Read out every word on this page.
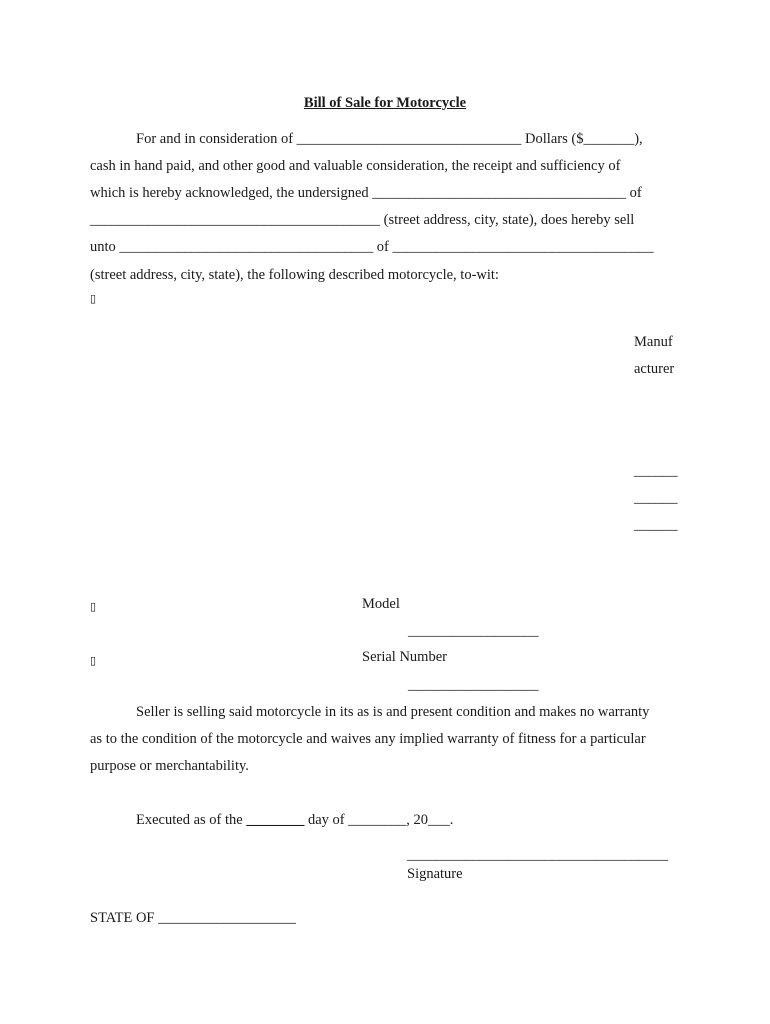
Bill of Sale for Motorcycle
For and in consideration of _______________________________ Dollars ($_______),
cash in hand paid, and other good and valuable consideration, the receipt and sufficiency of
which is hereby acknowledged, the undersigned ___________________________________ of
________________________________________ (street address, city, state), does hereby sell
unto ___________________________________ of ____________________________________
(street address, city, state), the following described motorcycle, to-wit:
▯
Manuf
acturer
______
______
______
▯	Model
__________________
▯	Serial Number
__________________
Seller is selling said motorcycle in its as is and present condition and makes no warranty
as to the condition of the motorcycle and waives any implied warranty of fitness for a particular
purpose or merchantability.
Executed as of the ________ day of ________, 20___.
____________________________________
Signature
STATE OF ___________________
